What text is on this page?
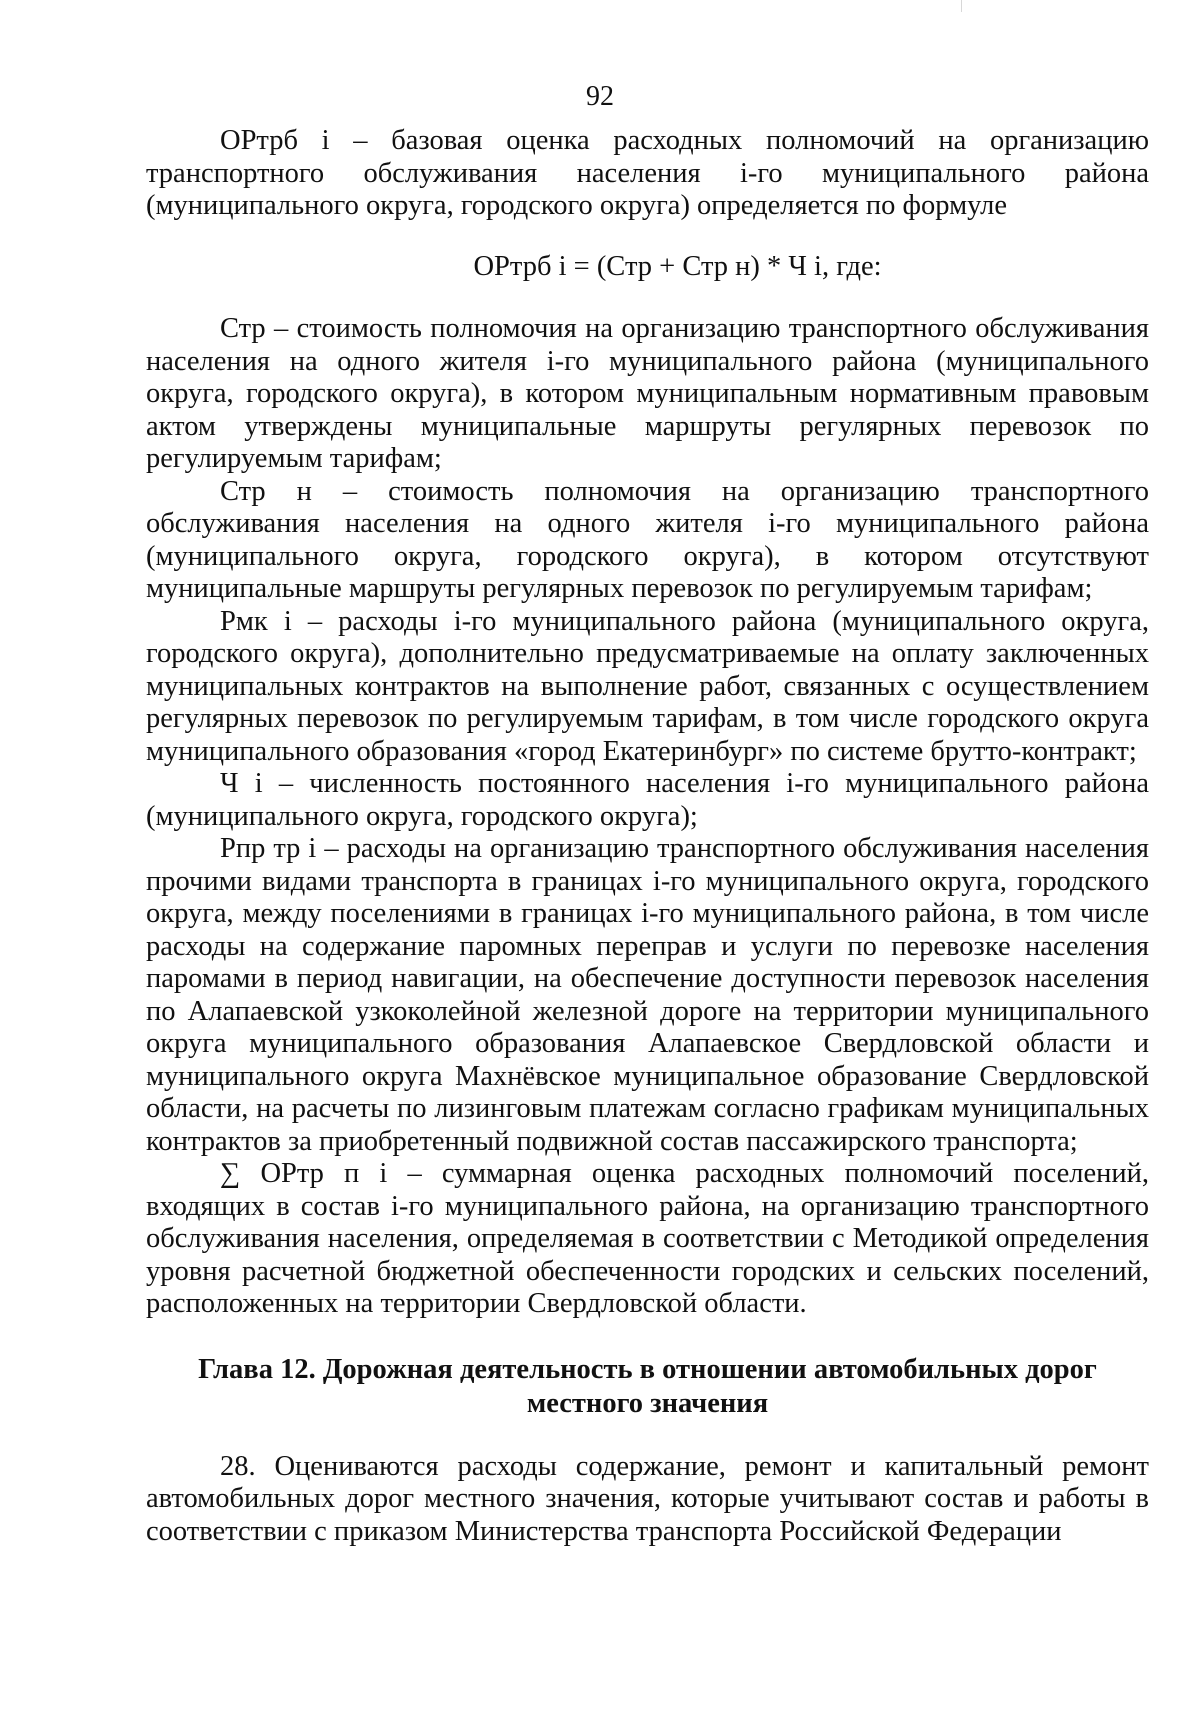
92

ОРтрб i – базовая оценка расходных полномочий на организацию транспортного обслуживания населения i-го муниципального района (муниципального округа, городского округа) определяется по формуле

ОРтрб i = (Стр + Стр н) * Ч i, где:

Стр – стоимость полномочия на организацию транспортного обслуживания населения на одного жителя i-го муниципального района (муниципального округа, городского округа), в котором муниципальным нормативным правовым актом утверждены муниципальные маршруты регулярных перевозок по регулируемым тарифам;

Стр н – стоимость полномочия на организацию транспортного обслуживания населения на одного жителя i-го муниципального района (муниципального округа, городского округа), в котором отсутствуют муниципальные маршруты регулярных перевозок по регулируемым тарифам;

Рмк i – расходы i-го муниципального района (муниципального округа, городского округа), дополнительно предусматриваемые на оплату заключенных муниципальных контрактов на выполнение работ, связанных с осуществлением регулярных перевозок по регулируемым тарифам, в том числе городского округа муниципального образования «город Екатеринбург» по системе брутто-контракт;

Ч i – численность постоянного населения i-го муниципального района (муниципального округа, городского округа);

Рпр тр i – расходы на организацию транспортного обслуживания населения прочими видами транспорта в границах i-го муниципального округа, городского округа, между поселениями в границах i-го муниципального района, в том числе расходы на содержание паромных переправ и услуги по перевозке населения паромами в период навигации, на обеспечение доступности перевозок населения по Алапаевской узкоколейной железной дороге на территории муниципального округа муниципального образования Алапаевское Свердловской области и муниципального округа Махнёвское муниципальное образование Свердловской области, на расчеты по лизинговым платежам согласно графикам муниципальных контрактов за приобретенный подвижной состав пассажирского транспорта;

∑ ОРтр п i – суммарная оценка расходных полномочий поселений, входящих в состав i-го муниципального района, на организацию транспортного обслуживания населения, определяемая в соответствии с Методикой определения уровня расчетной бюджетной обеспеченности городских и сельских поселений, расположенных на территории Свердловской области.

Глава 12. Дорожная деятельность в отношении автомобильных дорог
местного значения

28. Оцениваются расходы содержание, ремонт и капитальный ремонт автомобильных дорог местного значения, которые учитывают состав и работы в соответствии с приказом Министерства транспорта Российской Федерации
